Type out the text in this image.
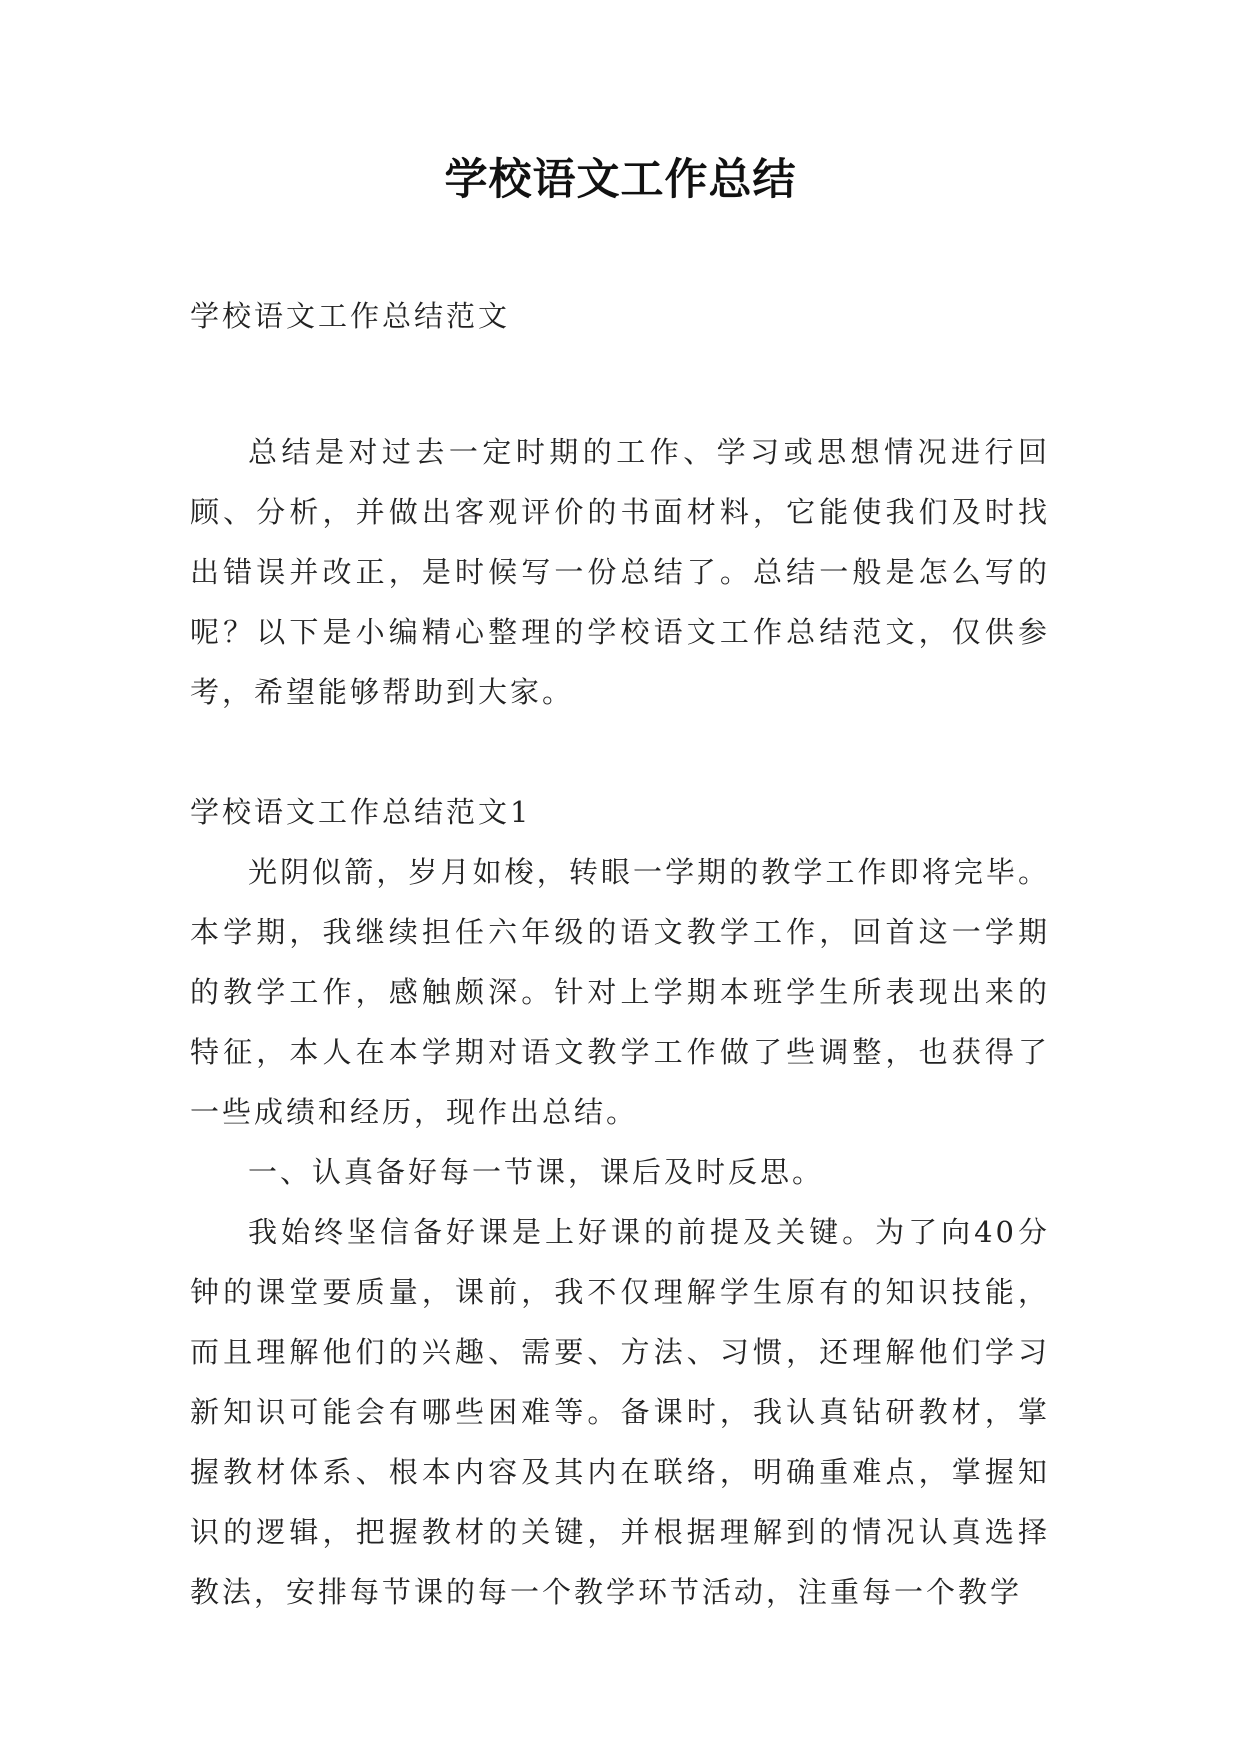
学校语文工作总结

学校语文工作总结范文

总结是对过去一定时期的工作、学习或思想情况进行回顾、分析，并做出客观评价的书面材料，它能使我们及时找出错误并改正，是时候写一份总结了。总结一般是怎么写的呢？以下是小编精心整理的学校语文工作总结范文，仅供参考，希望能够帮助到大家。

学校语文工作总结范文1

光阴似箭，岁月如梭，转眼一学期的教学工作即将完毕。本学期，我继续担任六年级的语文教学工作，回首这一学期的教学工作，感触颇深。针对上学期本班学生所表现出来的特征，本人在本学期对语文教学工作做了些调整，也获得了一些成绩和经历，现作出总结。

一、认真备好每一节课，课后及时反思。

我始终坚信备好课是上好课的前提及关键。为了向40分钟的课堂要质量，课前，我不仅理解学生原有的知识技能，而且理解他们的兴趣、需要、方法、习惯，还理解他们学习新知识可能会有哪些困难等。备课时，我认真钻研教材，掌握教材体系、根本内容及其内在联络，明确重难点，掌握知识的逻辑，把握教材的关键，并根据理解到的情况认真选择教法，安排每节课的每一个教学环节活动，注重每一个教学
